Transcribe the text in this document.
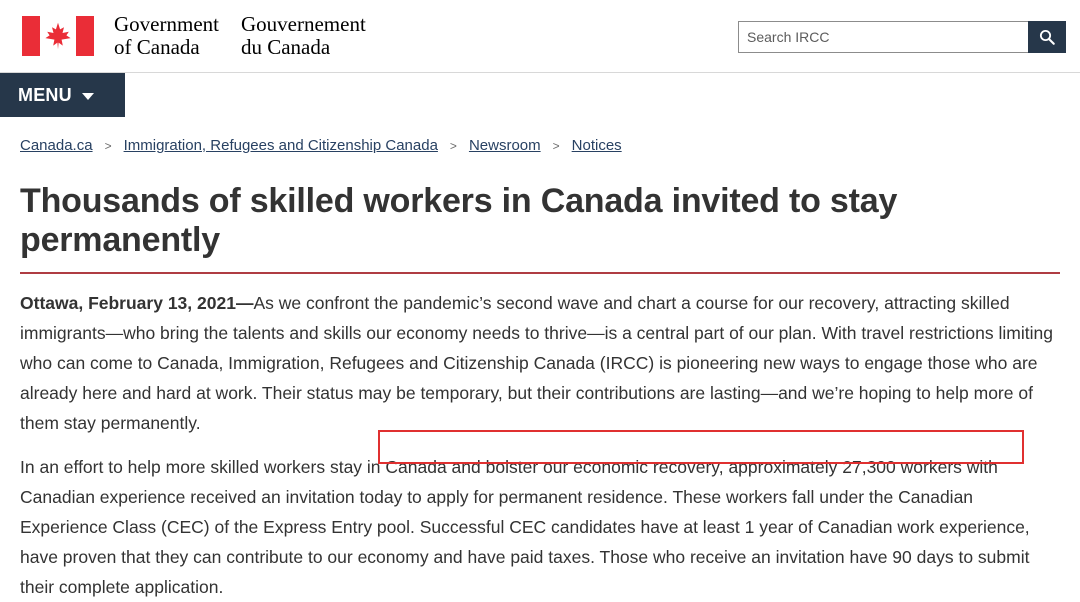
Government
of Canada
Gouvernement
du Canada
Search IRCC
MENU
Canada.ca > Immigration, Refugees and Citizenship Canada > Newsroom > Notices
Thousands of skilled workers in Canada invited to stay permanently

Ottawa, February 13, 2021—As we confront the pandemic’s second wave and chart a course for our recovery, attracting skilled immigrants—who bring the talents and skills our economy needs to thrive—is a central part of our plan. With travel restrictions limiting who can come to Canada, Immigration, Refugees and Citizenship Canada (IRCC) is pioneering new ways to engage those who are already here and hard at work. Their status may be temporary, but their contributions are lasting—and we’re hoping to help more of them stay permanently.

In an effort to help more skilled workers stay in Canada and bolster our economic recovery, approximately 27,300 workers with Canadian experience received an invitation today to apply for permanent residence. These workers fall under the Canadian Experience Class (CEC) of the Express Entry pool. Successful CEC candidates have at least 1 year of Canadian work experience, have proven that they can contribute to our economy and have paid taxes. Those who receive an invitation have 90 days to submit their complete application.
